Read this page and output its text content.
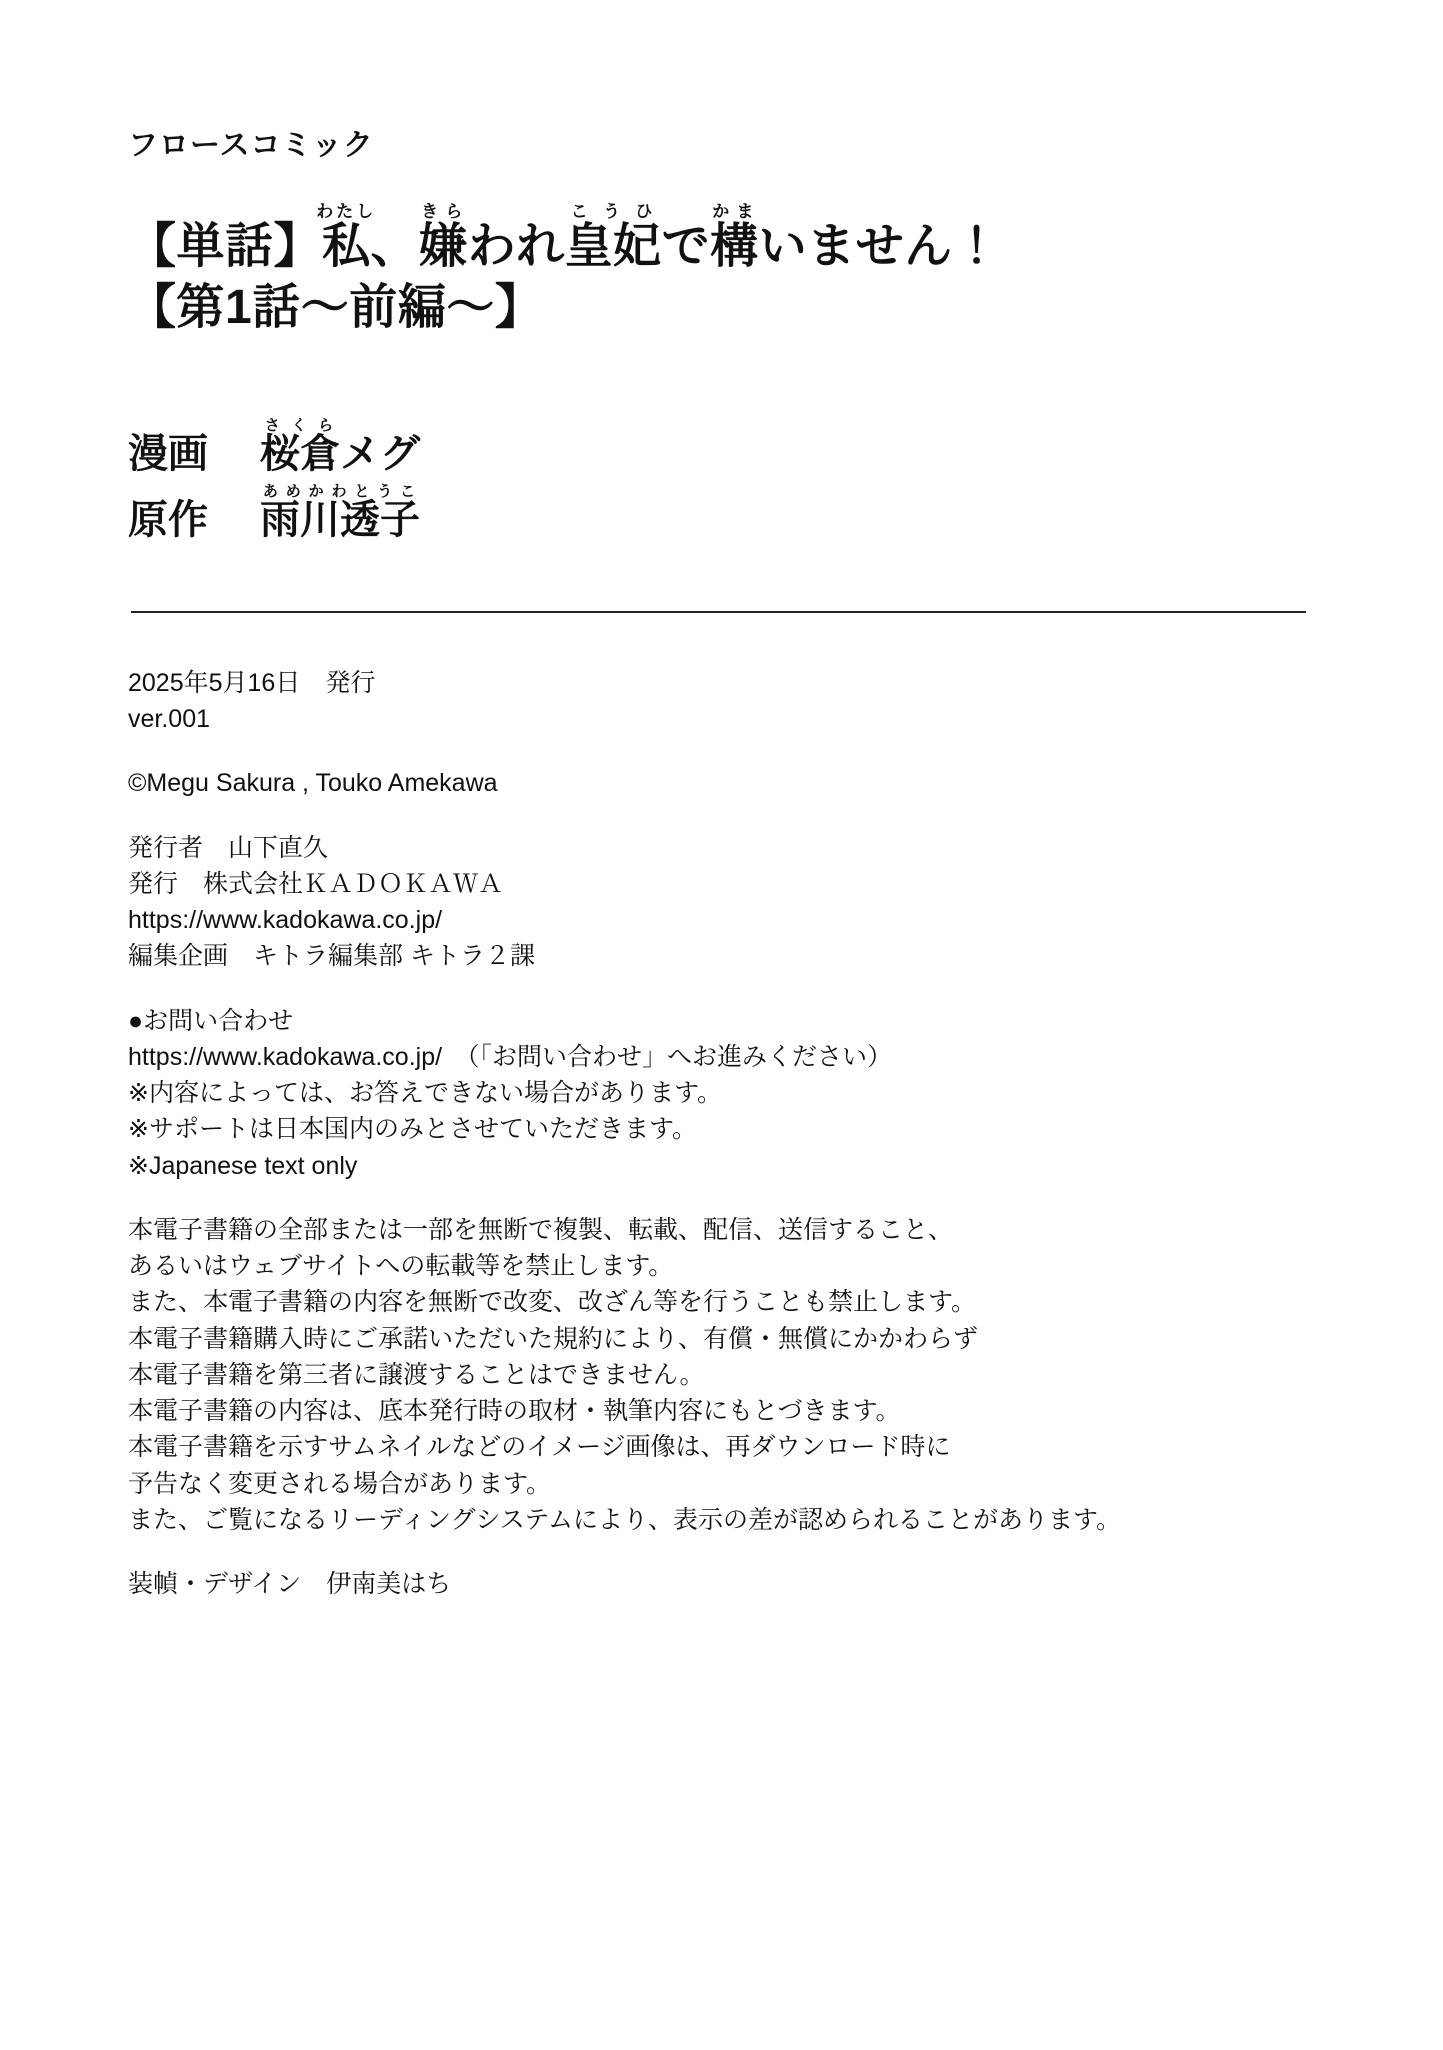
フロースコミック
【単話】私わたし、嫌きらわれ皇妃こうひで構かまいません！
【第1話〜前編〜】
漫画 桜倉さくらメグ
原作 雨川透子あめかわとうこ
2025年5月16日　発行
ver.001
©Megu Sakura , Touko Amekawa
発行者　山下直久
発行　株式会社ＫＡＤＯＫＡＷＡ
https://www.kadokawa.co.jp/
編集企画　キトラ編集部 キトラ２課
●お問い合わせ
https://www.kadokawa.co.jp/　（「お問い合わせ」へお進みください）
※内容によっては、お答えできない場合があります。
※サポートは日本国内のみとさせていただきます。
※Japanese text only
本電子書籍の全部または一部を無断で複製、転載、配信、送信すること、
あるいはウェブサイトへの転載等を禁止します。
また、本電子書籍の内容を無断で改変、改ざん等を行うことも禁止します。
本電子書籍購入時にご承諾いただいた規約により、有償・無償にかかわらず
本電子書籍を第三者に譲渡することはできません。
本電子書籍の内容は、底本発行時の取材・執筆内容にもとづきます。
本電子書籍を示すサムネイルなどのイメージ画像は、再ダウンロード時に
予告なく変更される場合があります。
また、ご覧になるリーディングシステムにより、表示の差が認められることがあります。
装幀・デザイン　伊南美はち
